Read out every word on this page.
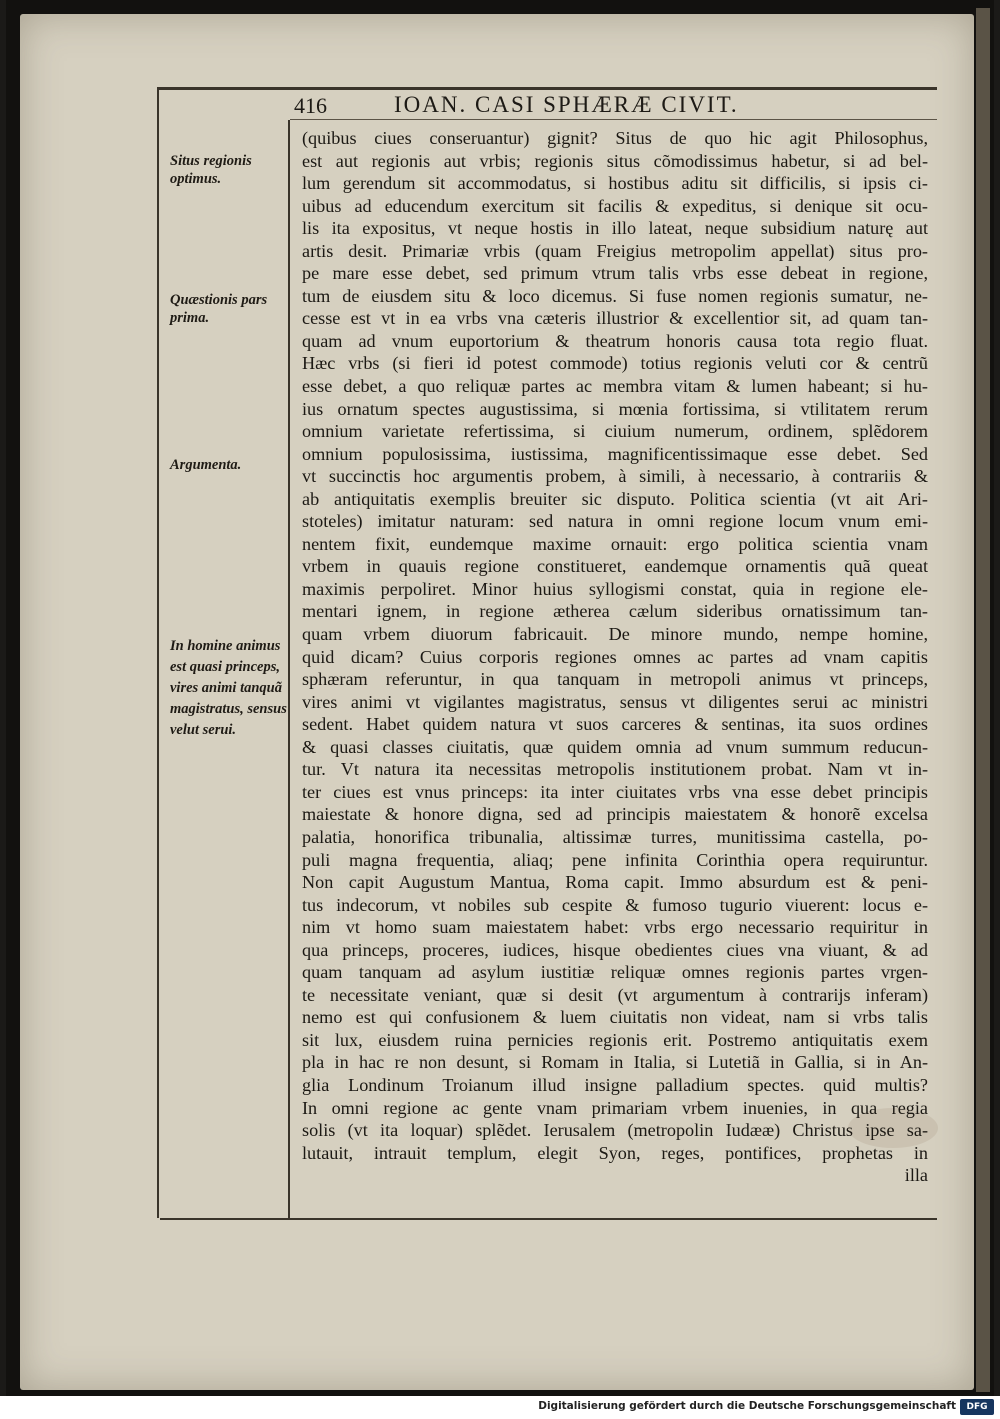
416	IOAN. CASI SPHÆRÆ CIVIT.
Situs regionis optimus.
Quæstionis pars prima.
Argumenta.
In homine animus est quasi princeps, vires animi tanquã magistratus, sensus velut serui.
(quibus ciues conseruantur) gignit? Situs de quo hic agit Philosophus,
est aut regionis aut vrbis; regionis situs cõmodissimus habetur, si ad bel-
lum gerendum sit accommodatus, si hostibus aditu sit difficilis, si ipsis ci-
uibus ad educendum exercitum sit facilis & expeditus, si denique sit ocu-
lis ita expositus, vt neque hostis in illo lateat, neque subsidium naturę aut
artis desit. Primariæ vrbis (quam Freigius metropolim appellat) situs pro-
pe mare esse debet, sed primum vtrum talis vrbs esse debeat in regione,
tum de eiusdem situ & loco dicemus. Si fuse nomen regionis sumatur, ne-
cesse est vt in ea vrbs vna cæteris illustrior & excellentior sit, ad quam tan-
quam ad vnum euportorium & theatrum honoris causa tota regio fluat.
Hæc vrbs (si fieri id potest commode) totius regionis veluti cor & centrũ
esse debet, a quo reliquæ partes ac membra vitam & lumen habeant; si hu-
ius ornatum spectes augustissima, si mœnia fortissima, si vtilitatem rerum
omnium varietate refertissima, si ciuium numerum, ordinem, splẽdorem
omnium populosissima, iustissima, magnificentissimaque esse debet. Sed
vt succinctis hoc argumentis probem, à simili, à necessario, à contrariis &
ab antiquitatis exemplis breuiter sic disputo. Politica scientia (vt ait Ari-
stoteles) imitatur naturam: sed natura in omni regione locum vnum emi-
nentem fixit, eundemque maxime ornauit: ergo politica scientia vnam
vrbem in quauis regione constitueret, eandemque ornamentis quã queat
maximis perpoliret. Minor huius syllogismi constat, quia in regione ele-
mentari ignem, in regione ætherea cælum sideribus ornatissimum tan-
quam vrbem diuorum fabricauit. De minore mundo, nempe homine,
quid dicam? Cuius corporis regiones omnes ac partes ad vnam capitis
sphæram referuntur, in qua tanquam in metropoli animus vt princeps,
vires animi vt vigilantes magistratus, sensus vt diligentes serui ac ministri
sedent. Habet quidem natura vt suos carceres & sentinas, ita suos ordines
& quasi classes ciuitatis, quæ quidem omnia ad vnum summum reducun-
tur. Vt natura ita necessitas metropolis institutionem probat. Nam vt in-
ter ciues est vnus princeps: ita inter ciuitates vrbs vna esse debet principis
maiestate & honore digna, sed ad principis maiestatem & honorẽ excelsa
palatia, honorifica tribunalia, altissimæ turres, munitissima castella, po-
puli magna frequentia, aliaq; pene infinita Corinthia opera requiruntur.
Non capit Augustum Mantua, Roma capit. Immo absurdum est & peni-
tus indecorum, vt nobiles sub cespite & fumoso tugurio viuerent: locus e-
nim vt homo suam maiestatem habet: vrbs ergo necessario requiritur in
qua princeps, proceres, iudices, hisque obedientes ciues vna viuant, & ad
quam tanquam ad asylum iustitiæ reliquæ omnes regionis partes vrgen-
te necessitate veniant, quæ si desit (vt argumentum à contrarijs inferam)
nemo est qui confusionem & luem ciuitatis non videat, nam si vrbs talis
sit lux, eiusdem ruina pernicies regionis erit. Postremo antiquitatis exem
pla in hac re non desunt, si Romam in Italia, si Lutetiã in Gallia, si in An-
glia Londinum Troianum illud insigne palladium spectes. quid multis?
In omni regione ac gente vnam primariam vrbem inuenies, in qua regia
solis (vt ita loquar) splẽdet. Ierusalem (metropolin Iudææ) Christus ipse sa-
lutauit, intrauit templum, elegit Syon, reges, pontifices, prophetas in
illa
Digitalisierung gefördert durch die Deutsche Forschungsgemeinschaft	DFG
